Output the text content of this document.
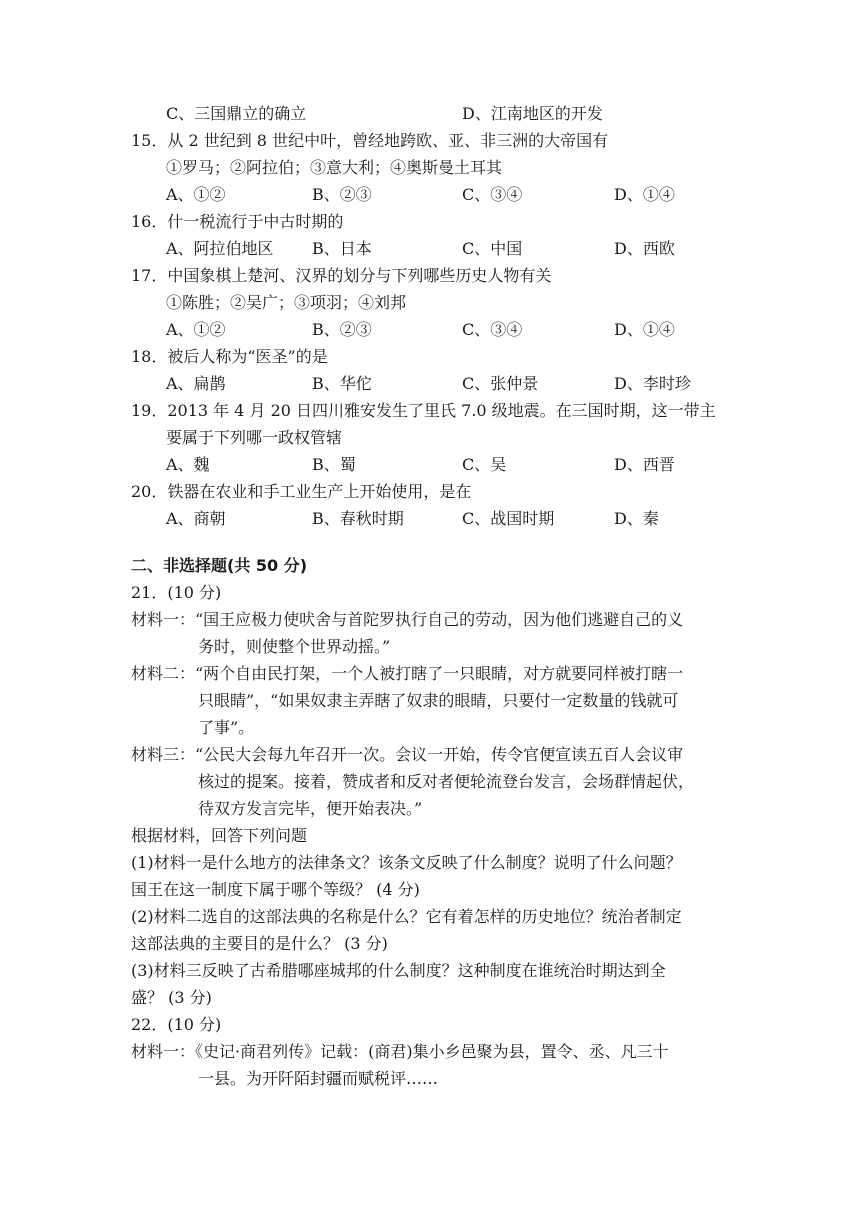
C、三国鼎立的确立	D、江南地区的开发
15．从 2 世纪到 8 世纪中叶，曾经地跨欧、亚、非三洲的大帝国有
①罗马；②阿拉伯；③意大利；④奥斯曼土耳其
A、①②	B、②③	C、③④	D、①④
16．什一税流行于中古时期的
A、阿拉伯地区 B、日本	C、中国	D、西欧
17．中国象棋上楚河、汉界的划分与下列哪些历史人物有关
①陈胜；②吴广；③项羽；④刘邦
A、①②	B、②③	C、③④	D、①④
18．被后人称为“医圣”的是
A、扁鹊	B、华佗	C、张仲景	D、李时珍
19．2013 年 4 月 20 日四川雅安发生了里氏 7.0 级地震。在三国时期，这一带主
要属于下列哪一政权管辖
A、魏	B、蜀	C、吴	D、西晋
20．铁器在农业和手工业生产上开始使用，是在
A、商朝	B、春秋时期	C、战国时期	D、秦
二、非选择题(共 50 分)
21．(10 分)
材料一：“国王应极力使吠舍与首陀罗执行自己的劳动，因为他们逃避自己的义
务时，则使整个世界动摇。”
材料二：“两个自由民打架，一个人被打瞎了一只眼睛，对方就要同样被打瞎一
只眼睛”，“如果奴隶主弄瞎了奴隶的眼睛，只要付一定数量的钱就可
了事”。
材料三：“公民大会每九年召开一次。会议一开始，传令官便宣读五百人会议审
核过的提案。接着，赞成者和反对者便轮流登台发言，会场群情起伏，
待双方发言完毕，便开始表决。”
根据材料，回答下列问题
(1)材料一是什么地方的法律条文？该条文反映了什么制度？说明了什么问题？
国王在这一制度下属于哪个等级？ (4 分)
(2)材料二选自的这部法典的名称是什么？它有着怎样的历史地位？统治者制定
这部法典的主要目的是什么？ (3 分)
(3)材料三反映了古希腊哪座城邦的什么制度？这种制度在谁统治时期达到全
盛？ (3 分)
22．(10 分)
材料一：《史记·商君列传》记载：(商君)集小乡邑聚为县，置令、丞、凡三十
一县。为开阡陌封疆而赋税评……
